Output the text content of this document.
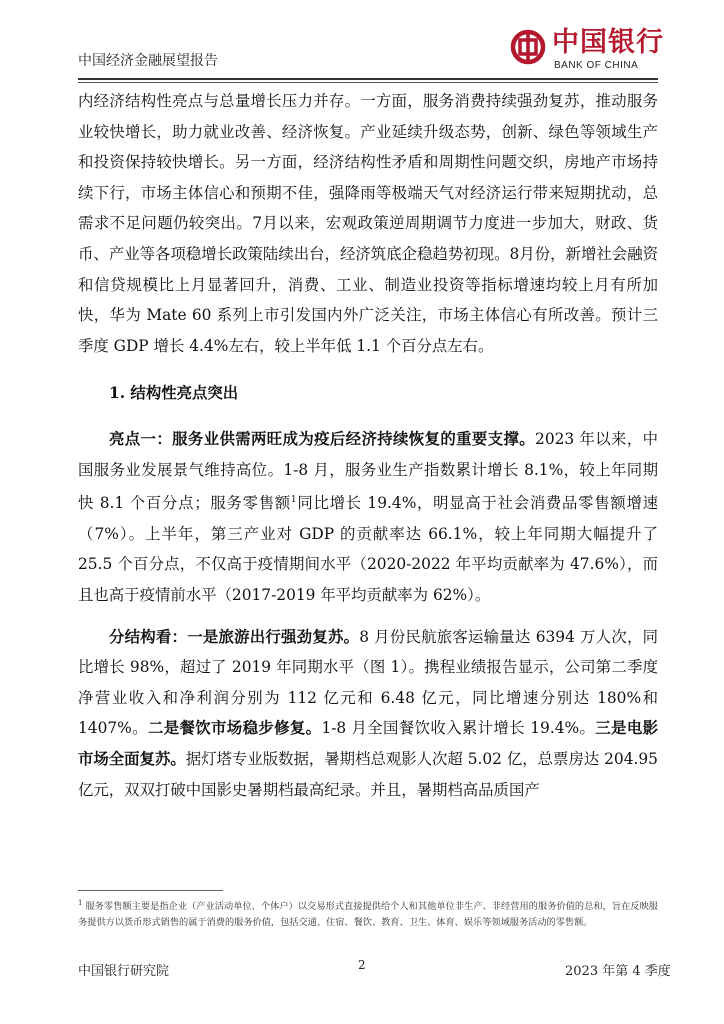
中国经济金融展望报告
中国银行
BANK OF CHINA

内经济结构性亮点与总量增长压力并存。一方面，服务消费持续强劲复苏，推动服务业较快增长，助力就业改善、经济恢复。产业延续升级态势，创新、绿色等领域生产和投资保持较快增长。另一方面，经济结构性矛盾和周期性问题交织，房地产市场持续下行，市场主体信心和预期不佳，强降雨等极端天气对经济运行带来短期扰动，总需求不足问题仍较突出。7月以来，宏观政策逆周期调节力度进一步加大，财政、货币、产业等各项稳增长政策陆续出台，经济筑底企稳趋势初现。8月份，新增社会融资和信贷规模比上月显著回升，消费、工业、制造业投资等指标增速均较上月有所加快，华为 Mate 60 系列上市引发国内外广泛关注，市场主体信心有所改善。预计三季度 GDP 增长 4.4%左右，较上半年低 1.1 个百分点左右。

1. 结构性亮点突出

亮点一：服务业供需两旺成为疫后经济持续恢复的重要支撑。2023 年以来，中国服务业发展景气维持高位。1-8 月，服务业生产指数累计增长 8.1%，较上年同期快 8.1 个百分点；服务零售额$^1$同比增长 19.4%，明显高于社会消费品零售额增速（7%）。上半年，第三产业对 GDP 的贡献率达 66.1%，较上年同期大幅提升了 25.5 个百分点，不仅高于疫情期间水平（2020-2022 年平均贡献率为 47.6%），而且也高于疫情前水平（2017-2019 年平均贡献率为 62%）。

分结构看：一是旅游出行强劲复苏。8 月份民航旅客运输量达 6394 万人次，同比增长 98%，超过了 2019 年同期水平（图 1）。携程业绩报告显示，公司第二季度净营业收入和净利润分别为 112 亿元和 6.48 亿元，同比增速分别达 180%和 1407%。二是餐饮市场稳步修复。1-8 月全国餐饮收入累计增长 19.4%。三是电影市场全面复苏。据灯塔专业版数据，暑期档总观影人次超 5.02 亿，总票房达 204.95 亿元，双双打破中国影史暑期档最高纪录。并且，暑期档高品质国产

$^1$ 服务零售额主要是指企业（产业活动单位、个体户）以交易形式直接提供给个人和其他单位非生产、非经营用的服务价值的总和，旨在反映服务提供方以货币形式销售的属于消费的服务价值，包括交通、住宿、餐饮、教育、卫生、体育、娱乐等领域服务活动的零售额。
中国银行研究院	2	2023 年第 4 季度
